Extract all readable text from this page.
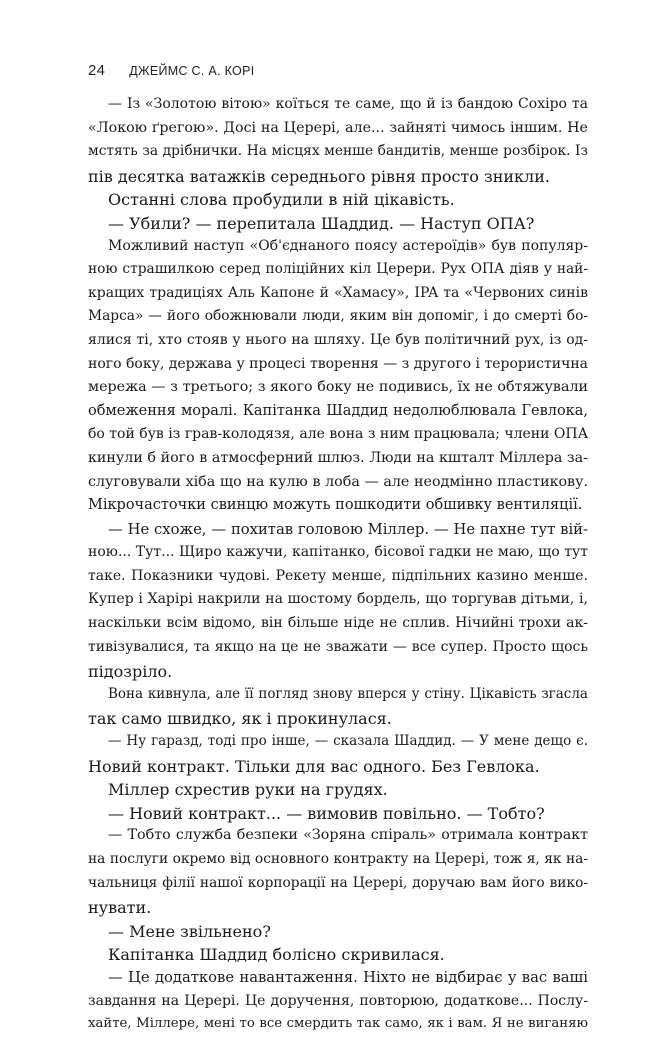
24 ДЖЕЙМС С. А. КОРІ
— Із «Золотою вітою» коїться те саме, що й із бандою Сохіро та
«Локою ґрегою». Досі на Церері, але... зайняті чимось іншим. Не
мстять за дрібнички. На місцях менше бандитів, менше розбірок. Із
пів десятка ватажків середнього рівня просто зникли.
Останні слова пробудили в ній цікавість.
— Убили? — перепитала Шаддид. — Наступ ОПА?
Можливий наступ «Об'єднаного поясу астероїдів» був популяр-
ною страшилкою серед поліційних кіл Церери. Рух ОПА діяв у най-
кращих традиціях Аль Капоне й «Хамасу», IPA та «Червоних синів
Марса» — його обожнювали люди, яким він допоміг, і до смерті бо-
ялися ті, хто стояв у нього на шляху. Це був політичний рух, із од-
ного боку, держава у процесі творення — з другого і терористична
мережа — з третього; з якого боку не подивись, їх не обтяжували
обмеження моралі. Капітанка Шаддид недолюблювала Гевлока,
бо той був із грав-колодязя, але вона з ним працювала; члени ОПА
кинули б його в атмосферний шлюз. Люди на кшталт Міллера за-
слуговували хіба що на кулю в лоба — але неодмінно пластикову.
Мікрочасточки свинцю можуть пошкодити обшивку вентиляції.
— Не схоже, — похитав головою Міллер. — Не пахне тут вій-
ною... Тут... Щиро кажучи, капітанко, бісової гадки не маю, що тут
таке. Показники чудові. Рекету менше, підпільних казино менше.
Купер і Харірі накрили на шостому бордель, що торгував дітьми, і,
наскільки всім відомо, він більше ніде не сплив. Нічийні трохи ак-
тивізувалися, та якщо на це не зважати — все супер. Просто щось
підозріло.
Вона кивнула, але її погляд знову вперся у стіну. Цікавість згасла
так само швидко, як і прокинулася.
— Ну гаразд, тоді про інше, — сказала Шаддид. — У мене дещо є.
Новий контракт. Тільки для вас одного. Без Гевлока.
Міллер схрестив руки на грудях.
— Новий контракт... — вимовив повільно. — Тобто?
— Тобто служба безпеки «Зоряна спіраль» отримала контракт
на послуги окремо від основного контракту на Церері, тож я, як на-
чальниця філії нашої корпорації на Церері, доручаю вам його вико-
нувати.
— Мене звільнено?
Капітанка Шаддид болісно скривилася.
— Це додаткове навантаження. Ніхто не відбирає у вас ваші
завдання на Церері. Це доручення, повторюю, додаткове... Послу-
хайте, Міллере, мені то все смердить так само, як і вам. Я не виганяю
